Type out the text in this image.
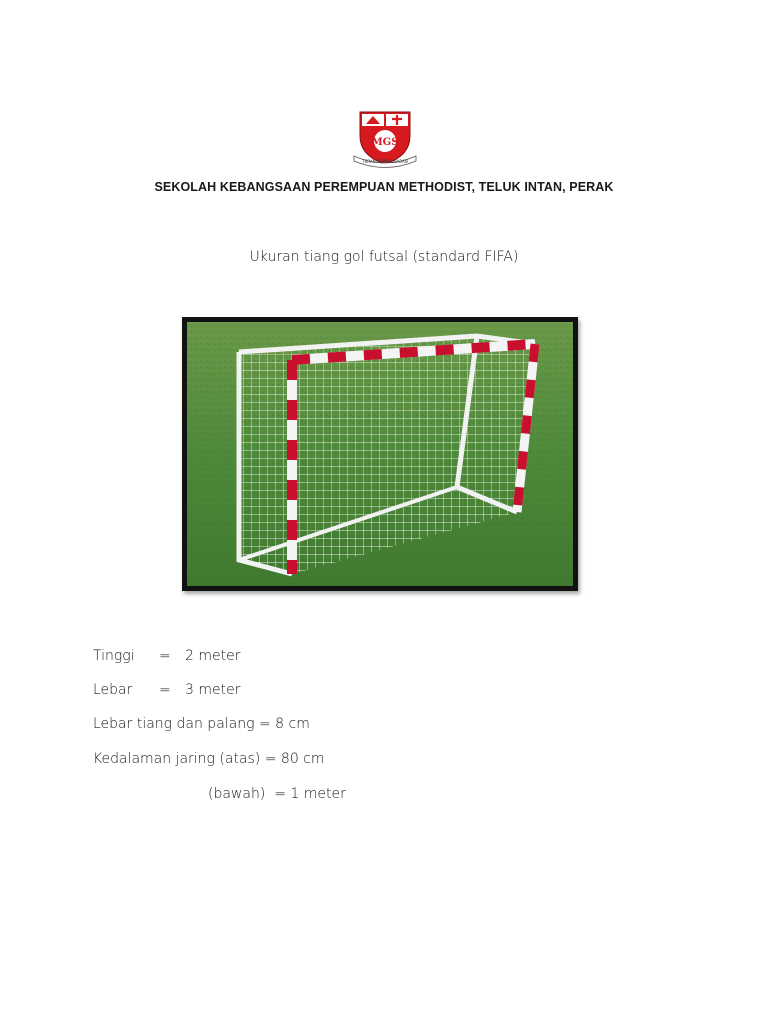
MGS
TERANG DAN SINARAN
SEKOLAH KEBANGSAAN PEREMPUAN METHODIST, TELUK INTAN, PERAK
Ukuran tiang gol futsal (standard FIFA)
Tinggi = 2 meter
Lebar = 3 meter
Lebar tiang dan palang = 8 cm
Kedalaman jaring (atas) = 80 cm
(bawah)  = 1 meter
